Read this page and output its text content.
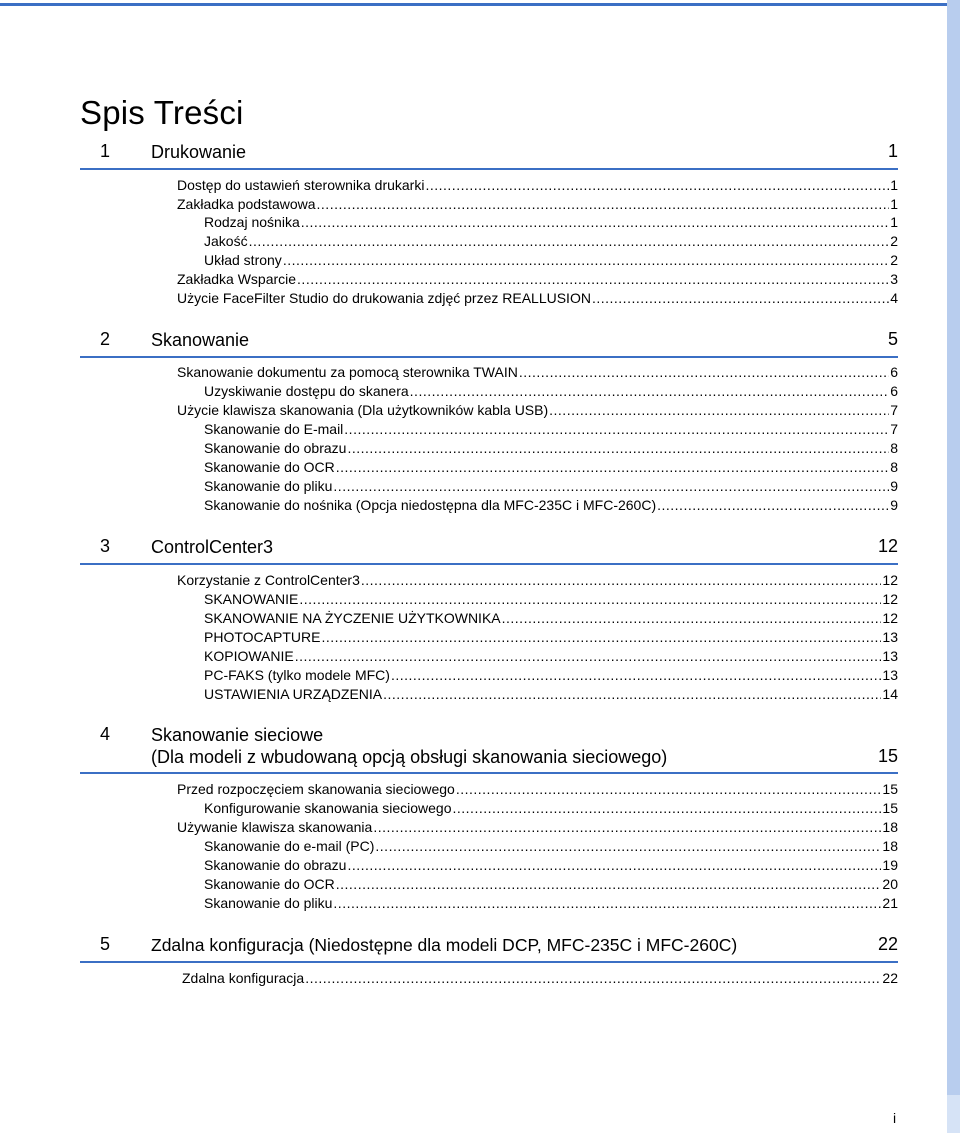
Spis Treści
1 Drukowanie	1
Dostęp do ustawień sterownika drukarki .....	1
Zakładka podstawowa .....	1
Rodzaj nośnika .....	1
Jakość .....	2
Układ strony .....	2
Zakładka Wsparcie .....	3
Użycie FaceFilter Studio do drukowania zdjęć przez REALLUSION .....	4
2 Skanowanie	5
Skanowanie dokumentu za pomocą sterownika TWAIN .....	6
Uzyskiwanie dostępu do skanera .....	6
Użycie klawisza skanowania (Dla użytkowników kabla USB) .....	7
Skanowanie do E-mail .....	7
Skanowanie do obrazu .....	8
Skanowanie do OCR .....	8
Skanowanie do pliku .....	9
Skanowanie do nośnika (Opcja niedostępna dla MFC-235C i MFC-260C) .....	9
3 ControlCenter3	12
Korzystanie z ControlCenter3 .....	12
SKANOWANIE .....	12
SKANOWANIE NA ŻYCZENIE UŻYTKOWNIKA .....	12
PHOTOCAPTURE .....	13
KOPIOWANIE .....	13
PC-FAKS (tylko modele MFC) .....	13
USTAWIENIA URZĄDZENIA .....	14
4 Skanowanie sieciowe
(Dla modeli z wbudowaną opcją obsługi skanowania sieciowego)	15
Przed rozpoczęciem skanowania sieciowego .....	15
Konfigurowanie skanowania sieciowego .....	15
Używanie klawisza skanowania .....	18
Skanowanie do e-mail (PC) .....	18
Skanowanie do obrazu .....	19
Skanowanie do OCR .....	20
Skanowanie do pliku .....	21
5 Zdalna konfiguracja (Niedostępne dla modeli DCP, MFC-235C i MFC-260C)	22
Zdalna konfiguracja .....	22
i
